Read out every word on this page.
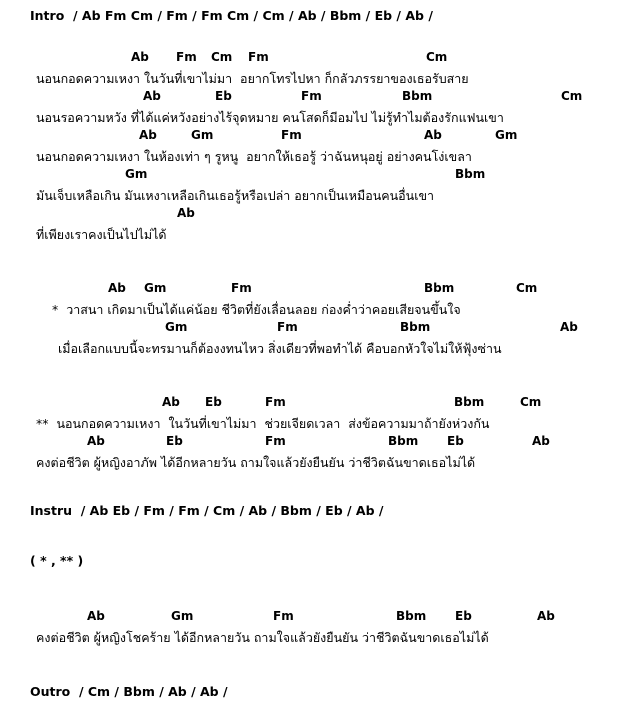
Intro  / Ab Fm Cm / Fm / Fm Cm / Cm / Ab / Bbm / Eb / Ab /

Ab

Fm

Cm

Fm

	Cm

นอนกอดความเหงา ในวันที่เขาไม่มา  อยากโทรไปหา ก็กลัวภรรยาของเธอรับสาย

Ab

	Eb

	Fm

	Bbm

	Cm

นอนรอความหวัง ที่ได้แค่หวังอย่างไร้จุดหมาย คนโสดก็มีอมไป ไม่รู้ทำไมต้องรักแฟนเขา

Ab

	Gm

	Fm

	Ab

	Gm

นอนกอดความเหงา ในห้องเท่า ๆ รูหนู  อยากให้เธอรู้ ว่าฉันหนุอยู่ อย่างคนโง่เขลา

Gm

	Bbm

มันเจ็บเหลือเกิน มันเหงาเหลือเกินเธอรู้หรือเปล่า อยากเป็นเหมือนคนอื่นเขา

Ab

ที่เพียงเราคงเป็นไปไม่ได้

Ab

Gm

	Fm

	Bbm

	Cm

*  วาสนา เกิดมาเป็นได้แค่น้อย ชีวิตที่ยังเลื่อนลอย ก่องค่ำว่าคอยเสียจนขึ้นใจ

Gm

	Fm

	Bbm

	Ab

เมื่อเลือกแบบนี้จะทรมานก็ต้องงทนไหว สิ่งเดียวที่พอทำได้ คือบอกหัวใจไม่ให้ฟุ้งซ่าน

Ab

Eb

	Fm

	Bbm

	Cm

**  นอนกอดความเหงา  ในวันที่เขาไม่มา  ช่วยเจียดเวลา  ส่งข้อความมาถ้ายังห่วงกัน

Ab

	Eb

	Fm

	Bbm

Eb

	Ab

คงต่อชีวิต ผู้หญิงอาภัพ ได้อีกหลายวัน ถามใจแล้วยังยืนยัน ว่าชีวิตฉันขาดเธอไม่ได้

Instru  / Ab Eb / Fm / Fm / Cm / Ab / Bbm / Eb / Ab /
( * , ** )

Ab

	Gm

	Fm

	Bbm

Eb

	Ab

คงต่อชีวิต ผู้หญิงโชคร้าย ได้อีกหลายวัน ถามใจแล้วยังยืนยัน ว่าชีวิตฉันขาดเธอไม่ได้

Outro  / Cm / Bbm / Ab / Ab /
